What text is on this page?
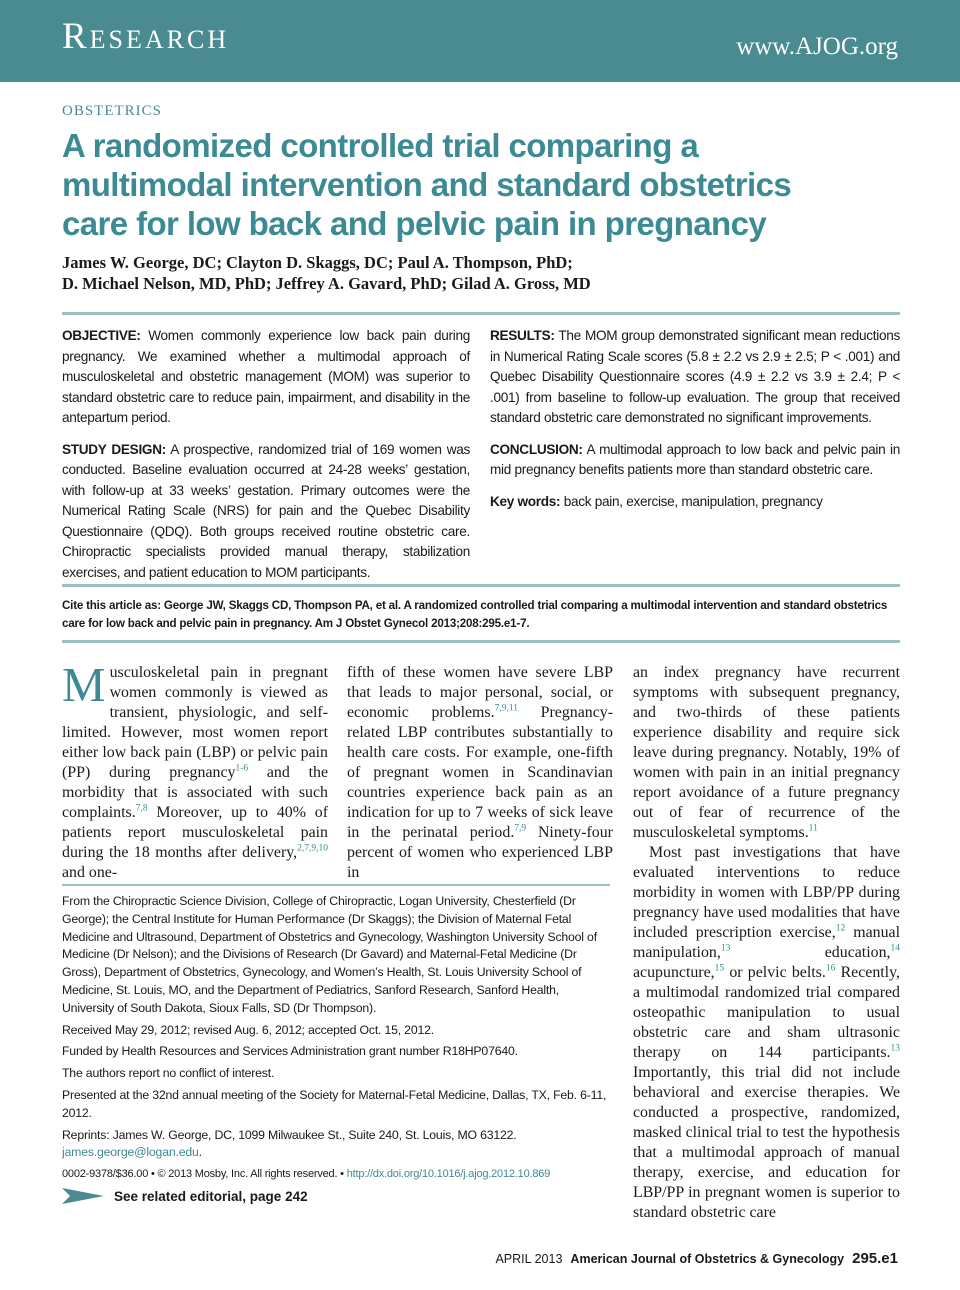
Research	www.AJOG.org
obstetrics
A randomized controlled trial comparing a multimodal intervention and standard obstetrics care for low back and pelvic pain in pregnancy
James W. George, DC; Clayton D. Skaggs, DC; Paul A. Thompson, PhD;
D. Michael Nelson, MD, PhD; Jeffrey A. Gavard, PhD; Gilad A. Gross, MD

OBJECTIVE: Women commonly experience low back pain during pregnancy. We examined whether a multimodal approach of musculoskeletal and obstetric management (MOM) was superior to standard obstetric care to reduce pain, impairment, and disability in the antepartum period.

STUDY DESIGN: A prospective, randomized trial of 169 women was conducted. Baseline evaluation occurred at 24-28 weeks’ gestation, with follow-up at 33 weeks’ gestation. Primary outcomes were the Numerical Rating Scale (NRS) for pain and the Quebec Disability Questionnaire (QDQ). Both groups received routine obstetric care. Chiropractic specialists provided manual therapy, stabilization exercises, and patient education to MOM participants.

RESULTS: The MOM group demonstrated significant mean reductions in Numerical Rating Scale scores (5.8 ± 2.2 vs 2.9 ± 2.5; P < .001) and Quebec Disability Questionnaire scores (4.9 ± 2.2 vs 3.9 ± 2.4; P < .001) from baseline to follow-up evaluation. The group that received standard obstetric care demonstrated no significant improvements.

CONCLUSION: A multimodal approach to low back and pelvic pain in mid pregnancy benefits patients more than standard obstetric care.

Key words: back pain, exercise, manipulation, pregnancy

Cite this article as: George JW, Skaggs CD, Thompson PA, et al. A randomized controlled trial comparing a multimodal intervention and standard obstetrics care for low back and pelvic pain in pregnancy. Am J Obstet Gynecol 2013;208:295.e1-7.

Musculoskeletal pain in pregnant women commonly is viewed as transient, physiologic, and self-limited. However, most women report either low back pain (LBP) or pelvic pain (PP) during pregnancy$^{1-6}$ and the morbidity that is associated with such complaints.$^{7,8}$ Moreover, up to 40% of patients report musculoskeletal pain during the 18 months after delivery,$^{2,7,9,10}$ and one-

fifth of these women have severe LBP that leads to major personal, social, or economic problems.$^{7,9,11}$ Pregnancy-related LBP contributes substantially to health care costs. For example, one-fifth of pregnant women in Scandinavian countries experience back pain as an indication for up to 7 weeks of sick leave in the perinatal period.$^{7,9}$ Ninety-four percent of women who experienced LBP in

an index pregnancy have recurrent symptoms with subsequent pregnancy, and two-thirds of these patients experience disability and require sick leave during pregnancy. Notably, 19% of women with pain in an initial pregnancy report avoidance of a future pregnancy out of fear of recurrence of the musculoskeletal symptoms.$^{11}$

Most past investigations that have evaluated interventions to reduce morbidity in women with LBP/PP during pregnancy have used modalities that have included prescription exercise,$^{12}$ manual manipulation,$^{13}$ education,$^{14}$ acupuncture,$^{15}$ or pelvic belts.$^{16}$ Recently, a multimodal randomized trial compared osteopathic manipulation to usual obstetric care and sham ultrasonic therapy on 144 participants.$^{13}$ Importantly, this trial did not include behavioral and exercise therapies. We conducted a prospective, randomized, masked clinical trial to test the hypothesis that a multimodal approach of manual therapy, exercise, and education for LBP/PP in pregnant women is superior to standard obstetric care

From the Chiropractic Science Division, College of Chiropractic, Logan University, Chesterfield (Dr George); the Central Institute for Human Performance (Dr Skaggs); the Division of Maternal Fetal Medicine and Ultrasound, Department of Obstetrics and Gynecology, Washington University School of Medicine (Dr Nelson); and the Divisions of Research (Dr Gavard) and Maternal-Fetal Medicine (Dr Gross), Department of Obstetrics, Gynecology, and Women’s Health, St. Louis University School of Medicine, St. Louis, MO, and the Department of Pediatrics, Sanford Research, Sanford Health, University of South Dakota, Sioux Falls, SD (Dr Thompson).

Received May 29, 2012; revised Aug. 6, 2012; accepted Oct. 15, 2012.

Funded by Health Resources and Services Administration grant number R18HP07640.

The authors report no conflict of interest.

Presented at the 32nd annual meeting of the Society for Maternal-Fetal Medicine, Dallas, TX, Feb. 6-11, 2012.

Reprints: James W. George, DC, 1099 Milwaukee St., Suite 240, St. Louis, MO 63122.
james.george@logan.edu.

0002-9378/$36.00 • © 2013 Mosby, Inc. All rights reserved. • http://dx.doi.org/10.1016/j.ajog.2012.10.869

See related editorial, page 242
APRIL 2013 American Journal of Obstetrics & Gynecology 295.e1
